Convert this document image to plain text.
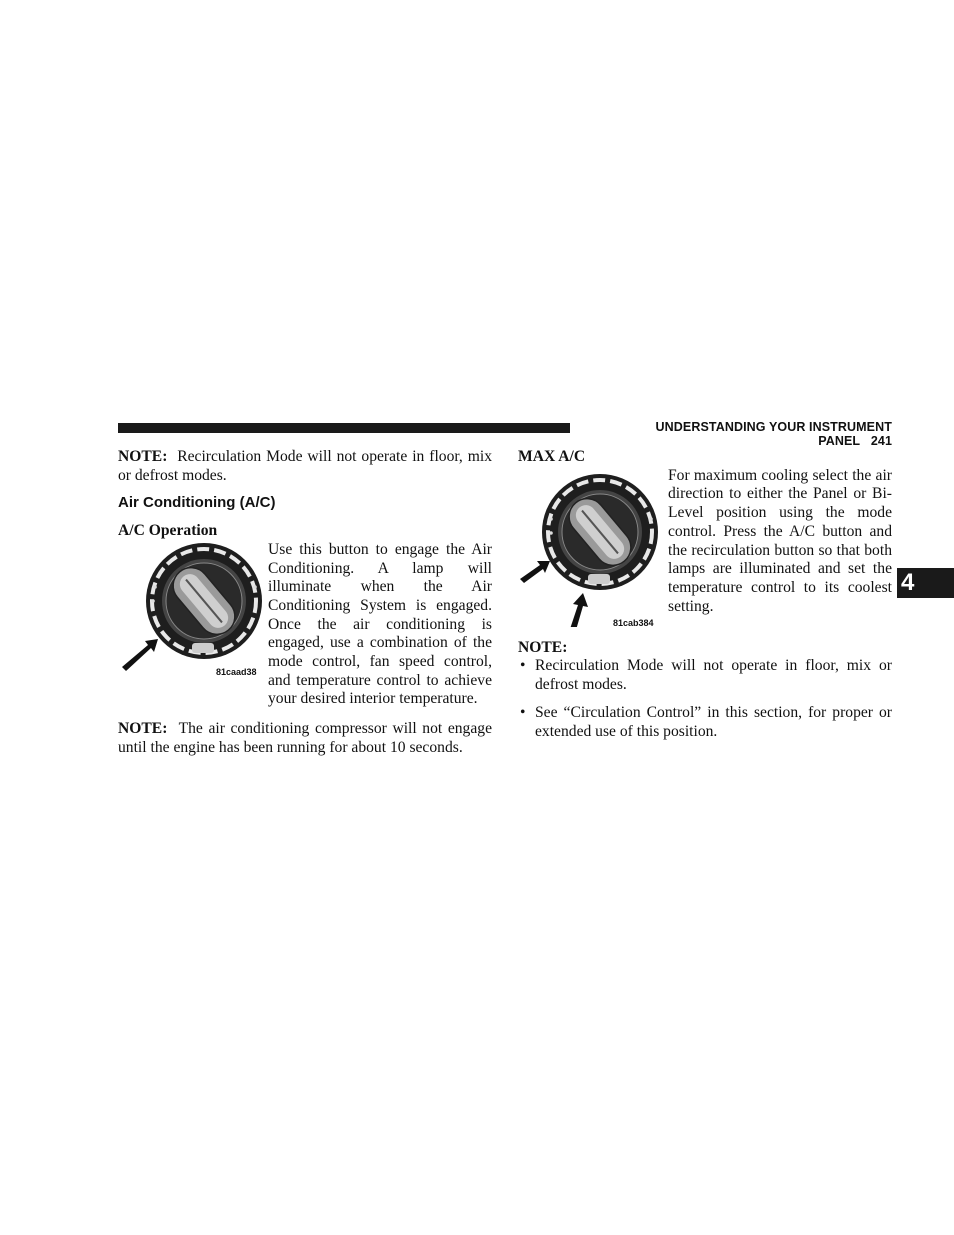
UNDERSTANDING YOUR INSTRUMENT PANEL 241
4

NOTE: Recirculation Mode will not operate in floor, mix or defrost modes.

Air Conditioning (A/C)
A/C Operation
81caad38

Use this button to engage the Air Conditioning. A lamp will illuminate when the Air Conditioning System is engaged. Once the air conditioning is engaged, use a combination of the mode control, fan speed control, and temperature control to achieve your desired interior temperature.

NOTE: The air conditioning compressor will not engage until the engine has been running for about 10 seconds.

MAX A/C
81cab384

For maximum cooling select the air direction to either the Panel or Bi-Level position using the mode control. Press the A/C button and the recirculation button so that both lamps are illuminated and set the temperature control to its coolest setting.

NOTE:
• Recirculation Mode will not operate in floor, mix or defrost modes.
• See “Circulation Control” in this section, for proper or extended use of this position.
